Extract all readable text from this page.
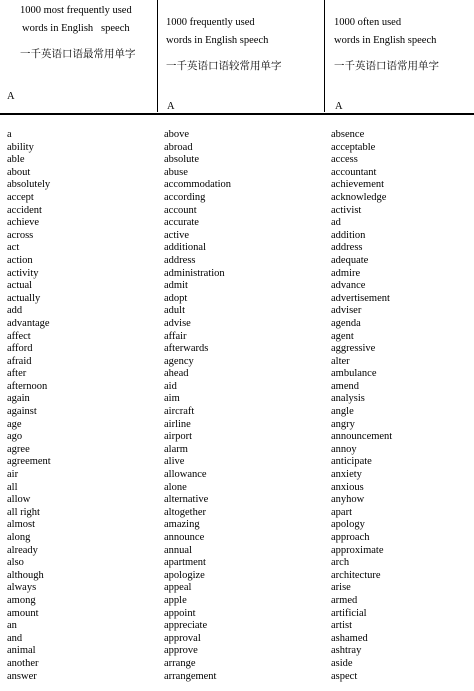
1000 most frequently used
words in English   speech
一千英语口语最常用单字
A
1000 frequently used
words in English speech
一千英语口语较常用单字
A
1000 often used
words in English speech
一千英语口语常用单字
A
a
ability
able
about
absolutely
accept
accident
achieve
across
act
action
activity
actual
actually
add
advantage
affect
afford
afraid
after
afternoon
again
against
age
ago
agree
agreement
air
all
allow
all right
almost
along
already
also
although
always
among
amount
an
and
animal
another
answer
above
abroad
absolute
abuse
accommodation
according
account
accurate
active
additional
address
administration
admit
adopt
adult
advise
affair
afterwards
agency
ahead
aid
aim
aircraft
airline
airport
alarm
alive
allowance
alone
alternative
altogether
amazing
announce
annual
apartment
apologize
appeal
apple
appoint
appreciate
approval
approve
arrange
arrangement
absence
acceptable
access
accountant
achievement
acknowledge
activist
ad
addition
address
adequate
admire
advance
advertisement
adviser
agenda
agent
aggressive
alter
ambulance
amend
analysis
angle
angry
announcement
annoy
anticipate
anxiety
anxious
anyhow
apart
apology
approach
approximate
arch
architecture
arise
armed
artificial
artist
ashamed
ashtray
aside
aspect
